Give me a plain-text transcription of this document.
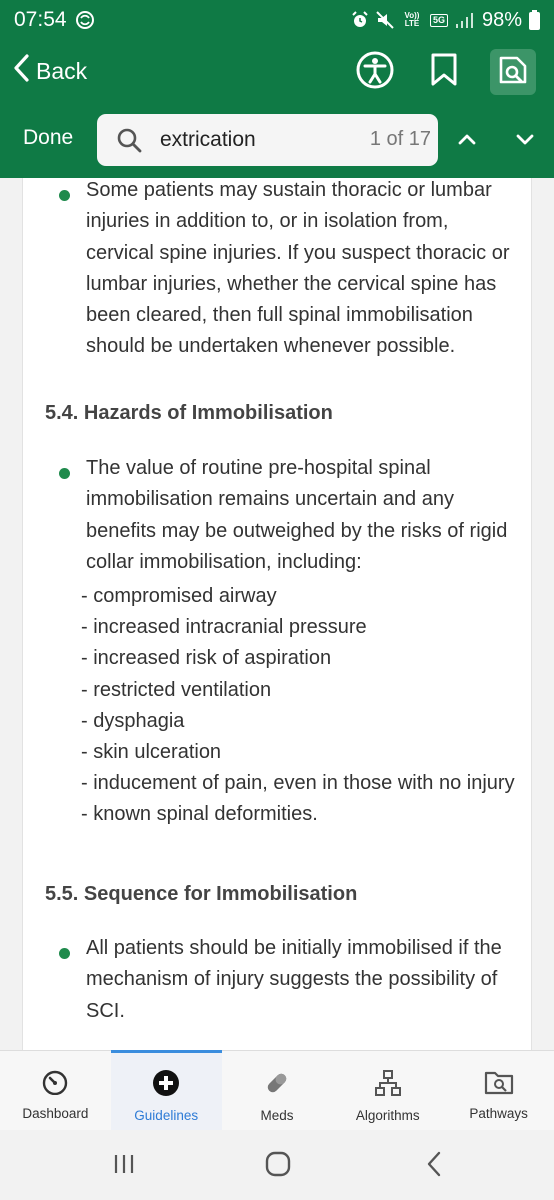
07:54	Vo)) LTE	5G 98%
Back
Done
extrication	1 of 17
Some patients may sustain thoracic or lumbar injuries in addition to, or in isolation from, cervical spine injuries. If you suspect thoracic or lumbar injuries, whether the cervical spine has been cleared, then full spinal immobilisation should be undertaken whenever possible.
5.4. Hazards of Immobilisation
The value of routine pre-hospital spinal immobilisation remains uncertain and any benefits may be outweighed by the risks of rigid collar immobilisation, including:
- compromised airway
- increased intracranial pressure
- increased risk of aspiration
- restricted ventilation
- dysphagia
- skin ulceration
- inducement of pain, even in those with no injury
- known spinal deformities.
5.5. Sequence for Immobilisation
All patients should be initially immobilised if the mechanism of injury suggests the possibility of SCI.
Dashboard	Guidelines	Meds	Algorithms	Pathways
